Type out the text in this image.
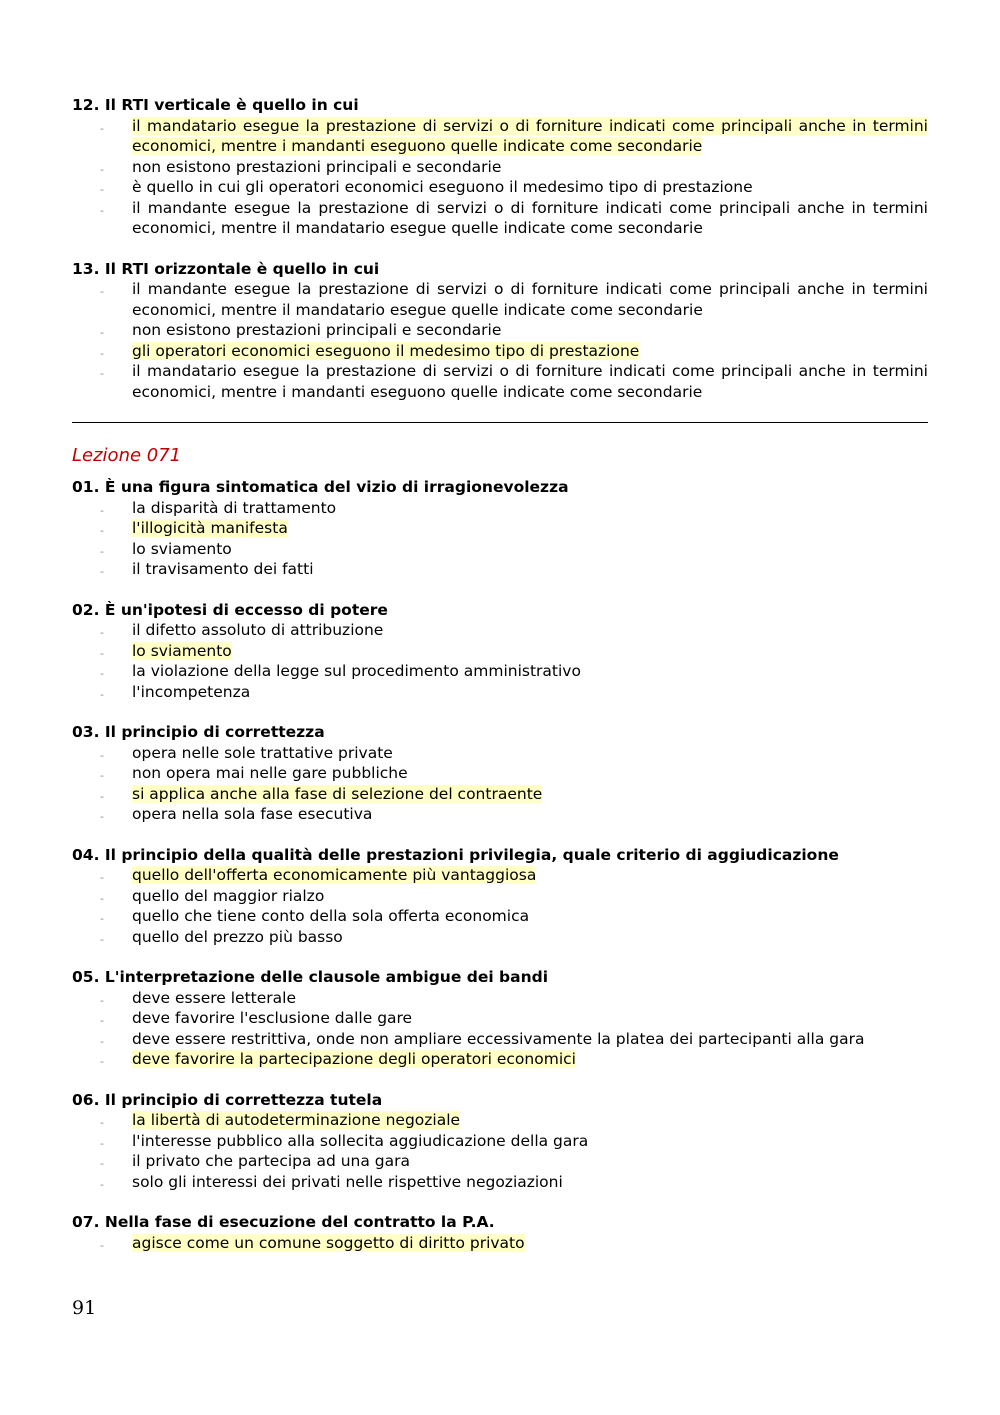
12. Il RTI verticale è quello in cui
‐ il mandatario esegue la prestazione di servizi o di forniture indicati come principali anche in termini economici, mentre i mandanti eseguono quelle indicate come secondarie
‐ non esistono prestazioni principali e secondarie
‐ è quello in cui gli operatori economici eseguono il medesimo tipo di prestazione
‐ il mandante esegue la prestazione di servizi o di forniture indicati come principali anche in termini economici, mentre il mandatario esegue quelle indicate come secondarie
13. Il RTI orizzontale è quello in cui
‐ il mandante esegue la prestazione di servizi o di forniture indicati come principali anche in termini economici, mentre il mandatario esegue quelle indicate come secondarie
‐ non esistono prestazioni principali e secondarie
‐ gli operatori economici eseguono il medesimo tipo di prestazione
‐ il mandatario esegue la prestazione di servizi o di forniture indicati come principali anche in termini economici, mentre i mandanti eseguono quelle indicate come secondarie
Lezione 071
01. È una figura sintomatica del vizio di irragionevolezza
‐ la disparità di trattamento
‐ l'illogicità manifesta
‐ lo sviamento
‐ il travisamento dei fatti
02. È un'ipotesi di eccesso di potere
‐ il difetto assoluto di attribuzione
‐ lo sviamento
‐ la violazione della legge sul procedimento amministrativo
‐ l'incompetenza
03. Il principio di correttezza
‐ opera nelle sole trattative private
‐ non opera mai nelle gare pubbliche
‐ si applica anche alla fase di selezione del contraente
‐ opera nella sola fase esecutiva
04. Il principio della qualità delle prestazioni privilegia, quale criterio di aggiudicazione
‐ quello dell'offerta economicamente più vantaggiosa
‐ quello del maggior rialzo
‐ quello che tiene conto della sola offerta economica
‐ quello del prezzo più basso
05. L'interpretazione delle clausole ambigue dei bandi
‐ deve essere letterale
‐ deve favorire l'esclusione dalle gare
‐ deve essere restrittiva, onde non ampliare eccessivamente la platea dei partecipanti alla gara
‐ deve favorire la partecipazione degli operatori economici
06. Il principio di correttezza tutela
‐ la libertà di autodeterminazione negoziale
‐ l'interesse pubblico alla sollecita aggiudicazione della gara
‐ il privato che partecipa ad una gara
‐ solo gli interessi dei privati nelle rispettive negoziazioni
07. Nella fase di esecuzione del contratto la P.A.
‐ agisce come un comune soggetto di diritto privato
91
